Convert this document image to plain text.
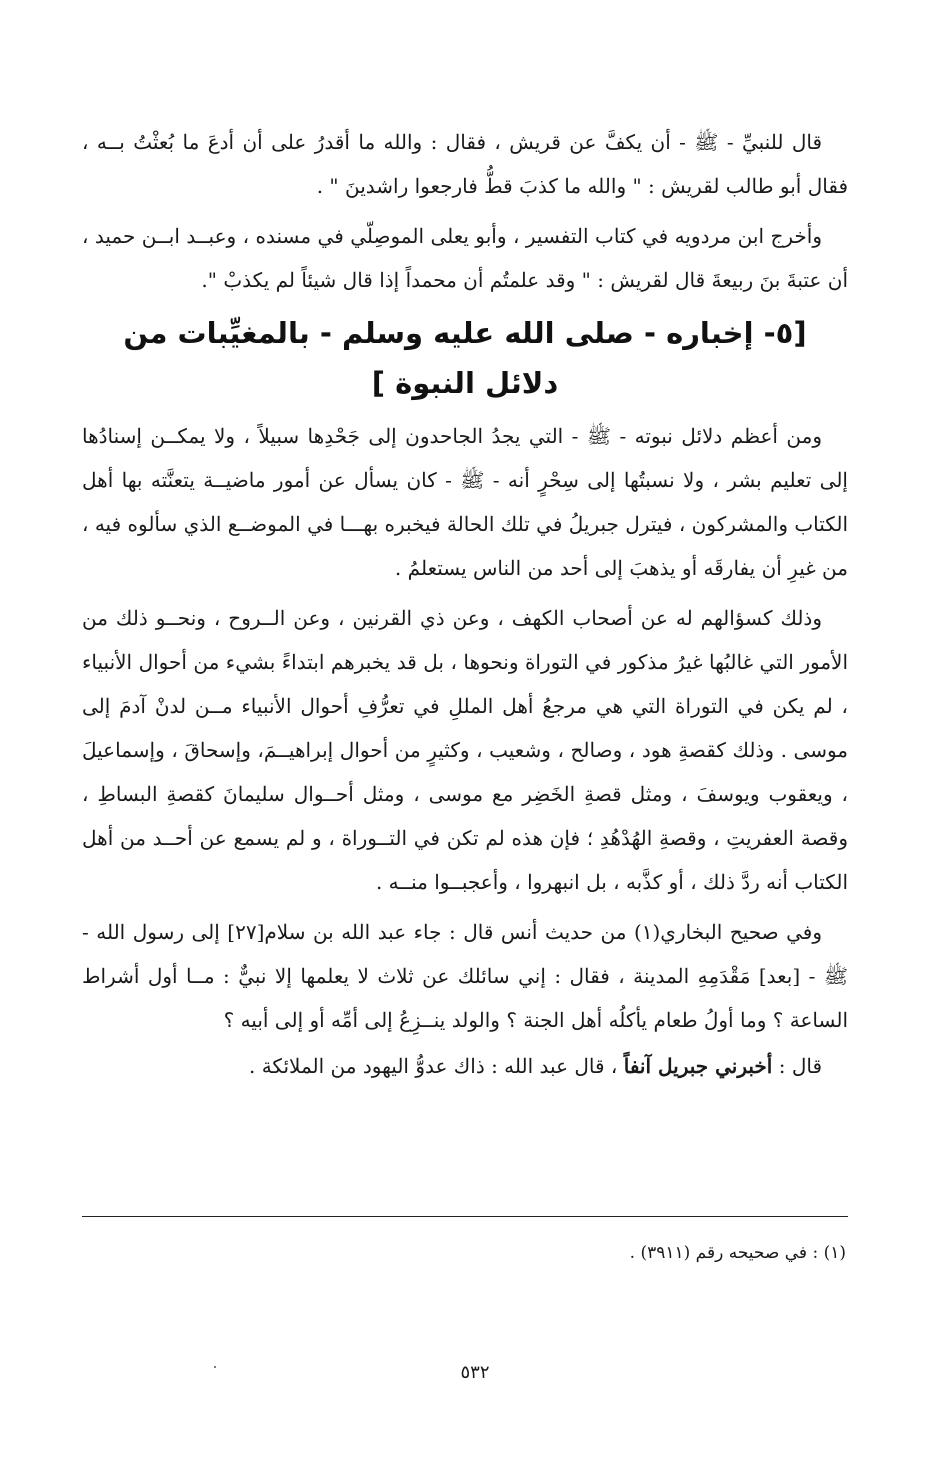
قال للنبيِّ - ﷺ - أن يكفَّ عن قريش ، فقال : والله ما أقدرُ على أن أدعَ ما بُعثْتُ بــه ، فقال أبو طالب لقريش : " والله ما كذبَ قطُّ فارجعوا راشدينَ " .

وأخرج ابن مردويه في كتاب التفسير ، وأبو يعلى الموصِلّي في مسنده ، وعبــد ابــن حميد ، أن عتبةَ بنَ ربيعةَ قال لقريش : " وقد علمتُم أن محمداً إذا قال شيئاً لم يكذبْ ".

[٥- إخباره - صلى الله عليه وسلم - بالمغيِّبات من دلائل النبوة ]

ومن أعظم دلائل نبوته - ﷺ - التي يجدُ الجاحدون إلى جَحْدِها سبيلاً ، ولا يمكــن إسنادُها إلى تعليم بشر ، ولا نسبتُها إلى سِحْرٍ أنه - ﷺ - كان يسأل عن أمور ماضيــة يتعنَّته بها أهل الكتاب والمشركون ، فيترل جبريلُ في تلك الحالة فيخبره بهـــا في الموضــع الذي سألوه فيه ، من غيرِ أن يفارقَه أو يذهبَ إلى أحد من الناس يستعلمُ .

وذلك كسؤالهم له عن أصحاب الكهف ، وعن ذي القرنين ، وعن الــروح ، ونحــو ذلك من الأمور التي غالبُها غيرُ مذكور في التوراة ونحوها ، بل قد يخبرهم ابتداءً بشيء من أحوال الأنبياء ، لم يكن في التوراة التي هي مرجعُ أهل المللِ في تعرُّفِ أحوال الأنبياء مــن لدنْ آدمَ إلى موسى . وذلك كقصةِ هود ، وصالح ، وشعيب ، وكثيرٍ من أحوال إبراهيــمَ، وإسحاقَ ، وإسماعيلَ ، ويعقوب ويوسفَ ، ومثل قصةِ الخَضِر مع موسى ، ومثل أحــوال سليمانَ كقصةِ البساطِ ، وقصة العفريتِ ، وقصةِ الهُدْهُدِ ؛ فإن هذه لم تكن في التــوراة ، و لم يسمع عن أحــد من أهل الكتاب أنه ردَّ ذلك ، أو كذَّبه ، بل انبهروا ، وأعجبــوا منــه .

وفي صحيح البخاري(١) من حديث أنس قال : جاء عبد الله بن سلام[٢٧] إلى رسول الله - ﷺ - [بعد] مَقْدَمِهِ المدينة ، فقال : إني سائلك عن ثلاث لا يعلمها إلا نبيٌّ : مــا أول أشراط الساعة ؟ وما أولُ طعام يأكلُه أهل الجنة ؟ والولد ينــزِعُ إلى أمِّه أو إلى أبيه ؟

قال : أخبرني جبريل آنفاً ، قال عبد الله : ذاك عدوُّ اليهود من الملائكة .

(١) : في صحيحه رقم (٣٩١١) .
٥٣٢
